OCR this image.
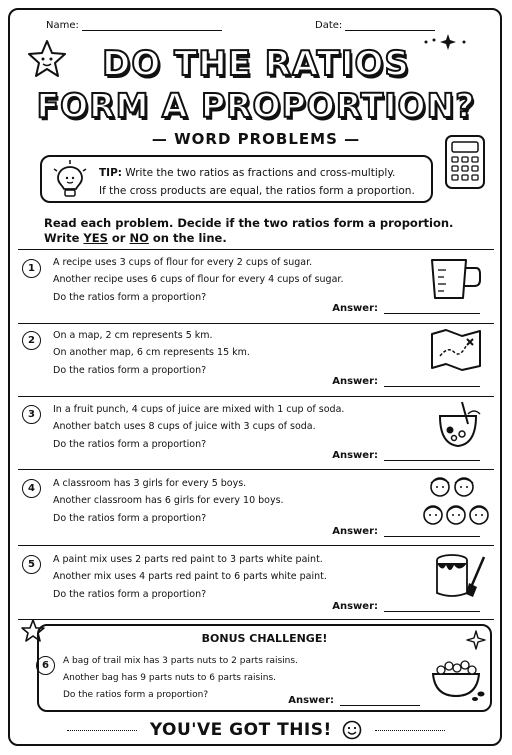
Name:	Date:
DO THE RATIOS
FORM A PROPORTION?
— WORD PROBLEMS —
TIP: Write the two ratios as fractions and cross-multiply.
If the cross products are equal, the ratios form a proportion.
Read each problem. Decide if the two ratios form a proportion.
Write YES or NO on the line.
1
A recipe uses 3 cups of flour for every 2 cups of sugar.
Another recipe uses 6 cups of flour for every 4 cups of sugar.
Do the ratios form a proportion?
Answer:
2	On a map, 2 cm represents 5 km.
On another map, 6 cm represents 15 km.
Do the ratios form a proportion?
Answer:
3	In a fruit punch, 4 cups of juice are mixed with 1 cup of soda.
Another batch uses 8 cups of juice with 3 cups of soda.
Do the ratios form a proportion?
Answer:
4	A classroom has 3 girls for every 5 boys.
Another classroom has 6 girls for every 10 boys.
Do the ratios form a proportion?
Answer:
5	A paint mix uses 2 parts red paint to 3 parts white paint.
Another mix uses 4 parts red paint to 6 parts white paint.
Do the ratios form a proportion?
Answer:
BONUS CHALLENGE!
6	A bag of trail mix has 3 parts nuts to 2 parts raisins.
Another bag has 9 parts nuts to 6 parts raisins.
Do the ratios form a proportion?	Answer:
YOU'VE GOT THIS!
